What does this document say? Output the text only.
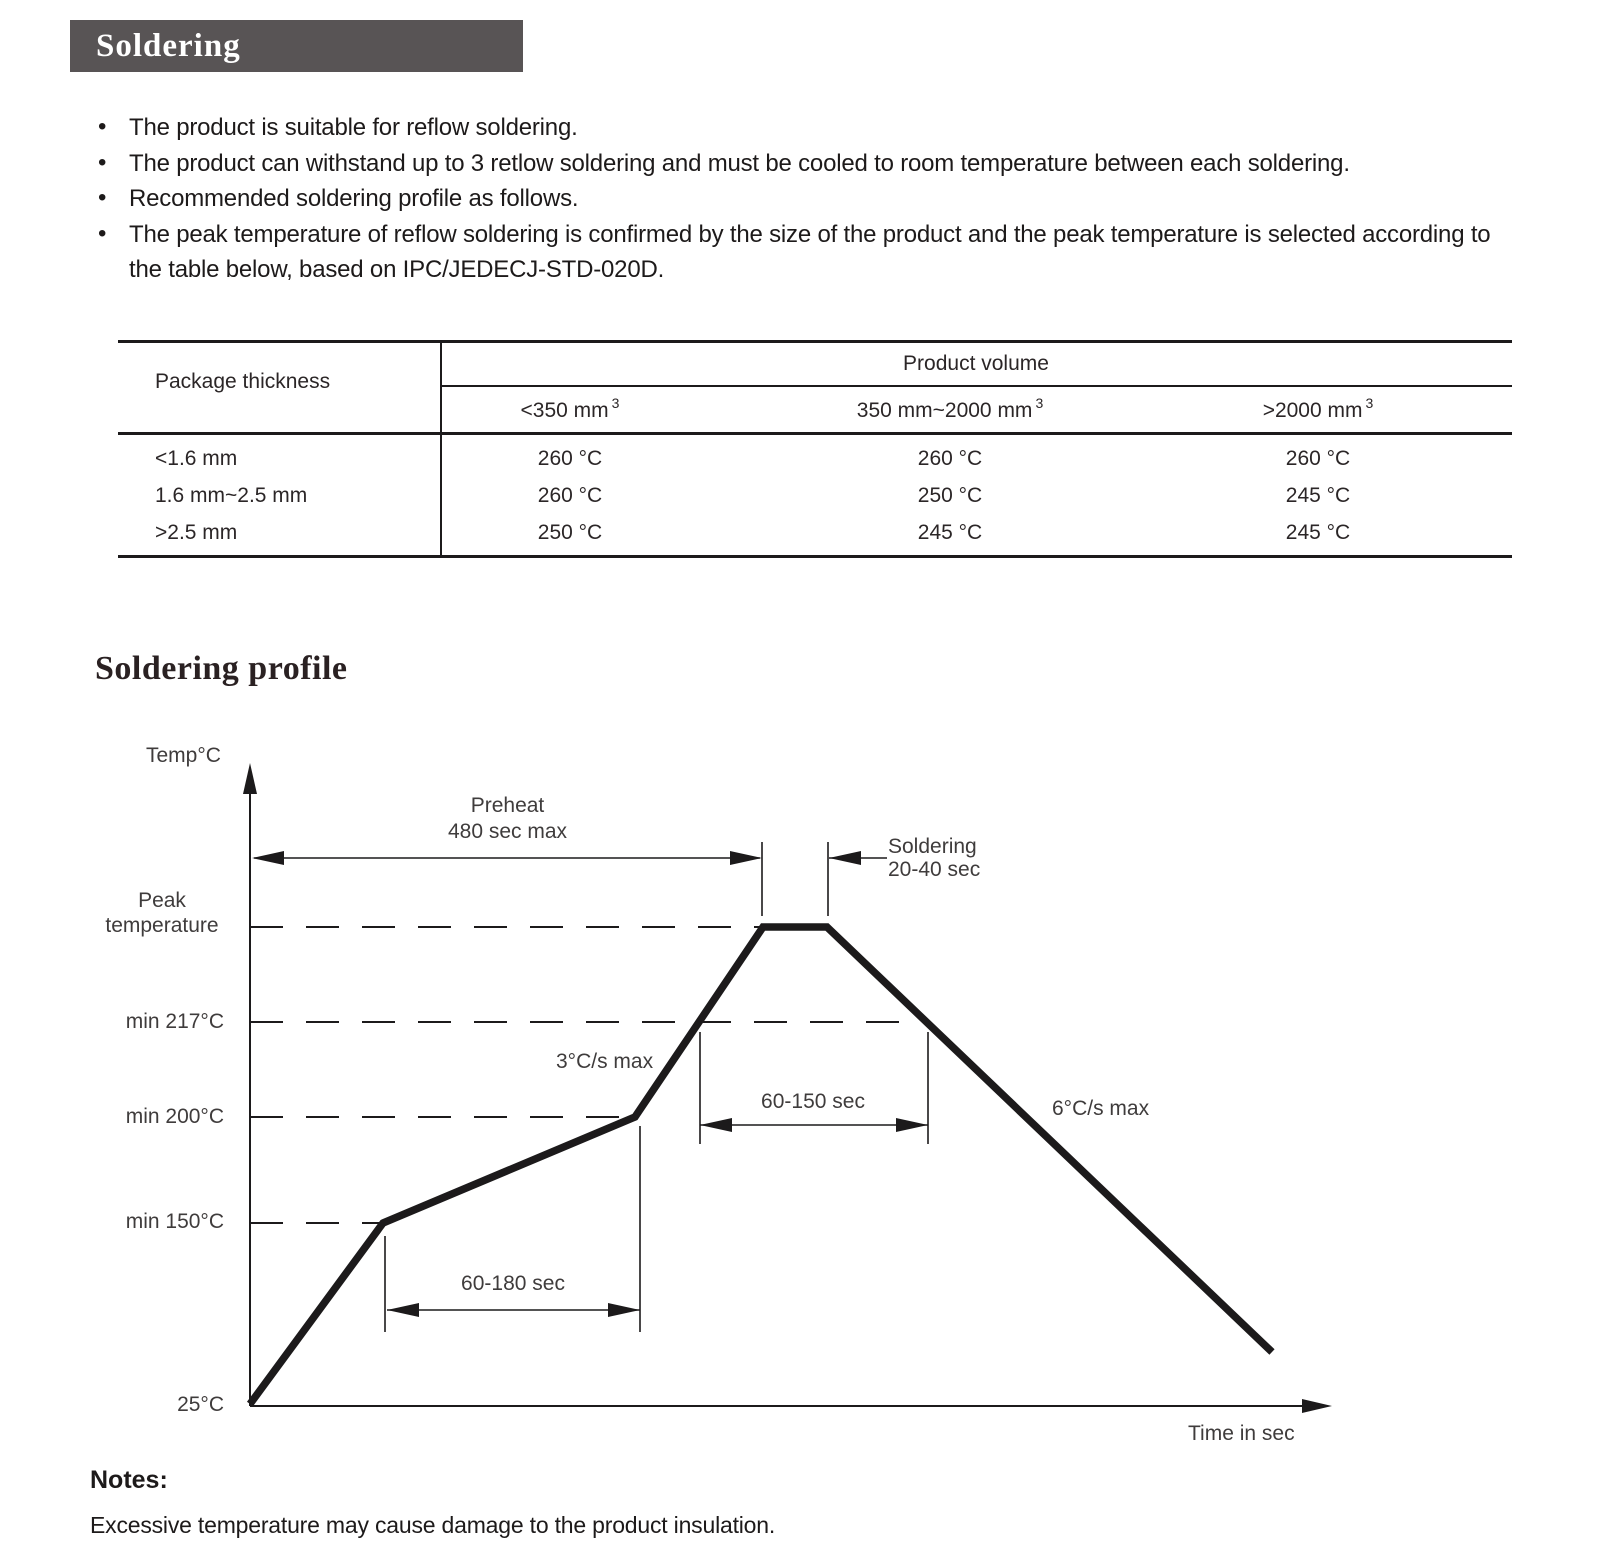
Soldering
• The product is suitable for reflow soldering.
• The product can withstand up to 3 retlow soldering and must be cooled to room temperature between each soldering.
• Recommended soldering profile as follows.
• The peak temperature of reflow soldering is confirmed by the size of the product and the peak temperature is selected according to the table below, based on IPC/JEDECJ-STD-020D.
Package thickness
Product volume
<350 mm $^3$	350 mm~2000 mm $^3$	>2000 mm $^3$
<1.6 mm	260 °C	260 °C	260 °C
1.6 mm~2.5 mm	260 °C	250 °C	245 °C
>2.5 mm	250 °C	245 °C	245 °C
Soldering profile
Temp°C
Preheat
480 sec max
Soldering
20-40 sec
Peak
temperature
min 217°C
min 200°C
min 150°C
25°C
3°C/s max
60-150 sec	6°C/s max
60-180 sec
Time in sec
Notes:
Excessive temperature may cause damage to the product insulation.
